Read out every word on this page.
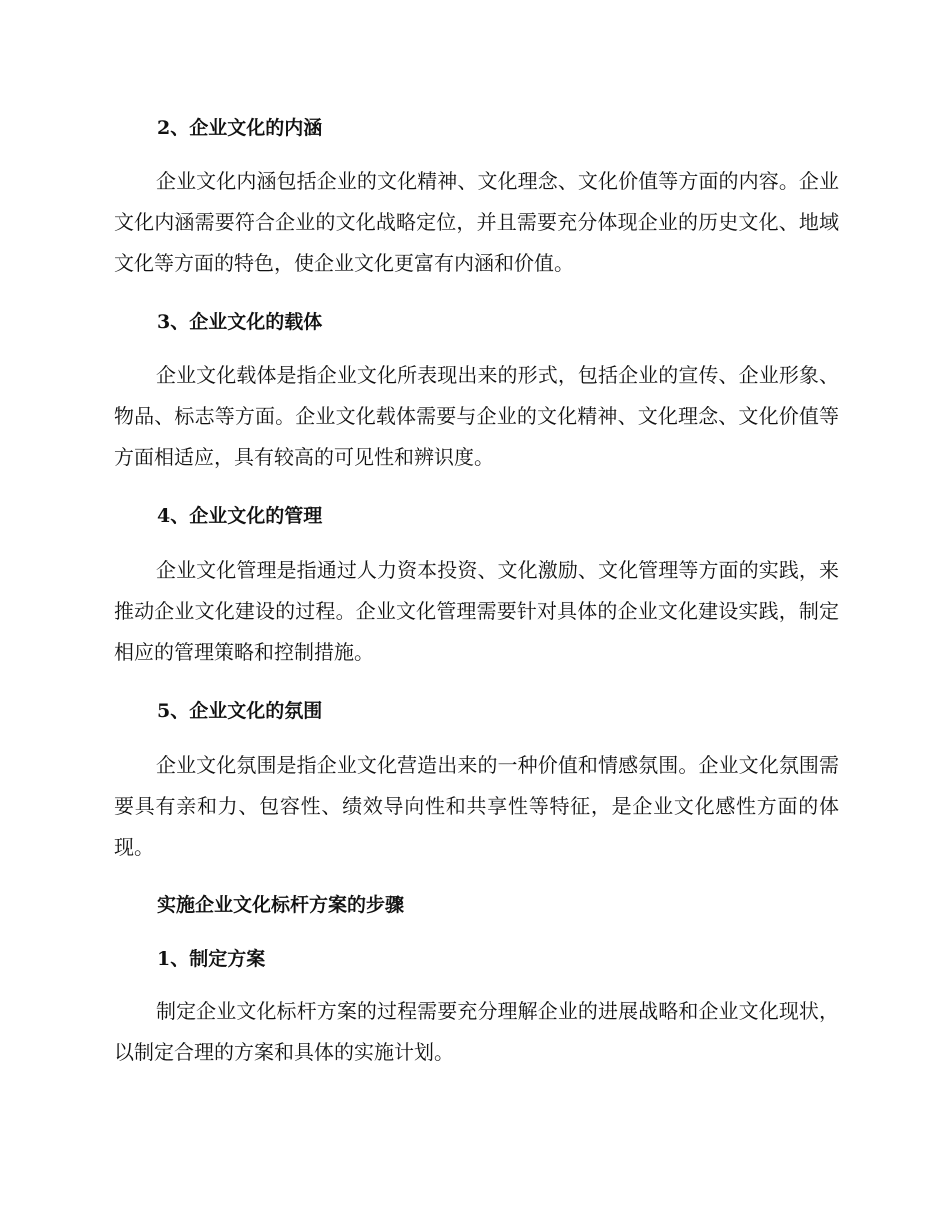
2、企业文化的内涵

企业文化内涵包括企业的文化精神、文化理念、文化价值等方面的内容。企业文化内涵需要符合企业的文化战略定位，并且需要充分体现企业的历史文化、地域文化等方面的特色，使企业文化更富有内涵和价值。

3、企业文化的载体

企业文化载体是指企业文化所表现出来的形式，包括企业的宣传、企业形象、物品、标志等方面。企业文化载体需要与企业的文化精神、文化理念、文化价值等方面相适应，具有较高的可见性和辨识度。

4、企业文化的管理

企业文化管理是指通过人力资本投资、文化激励、文化管理等方面的实践，来推动企业文化建设的过程。企业文化管理需要针对具体的企业文化建设实践，制定相应的管理策略和控制措施。

5、企业文化的氛围

企业文化氛围是指企业文化营造出来的一种价值和情感氛围。企业文化氛围需要具有亲和力、包容性、绩效导向性和共享性等特征，是企业文化感性方面的体现。

实施企业文化标杆方案的步骤
1、制定方案

制定企业文化标杆方案的过程需要充分理解企业的进展战略和企业文化现状，以制定合理的方案和具体的实施计划。
